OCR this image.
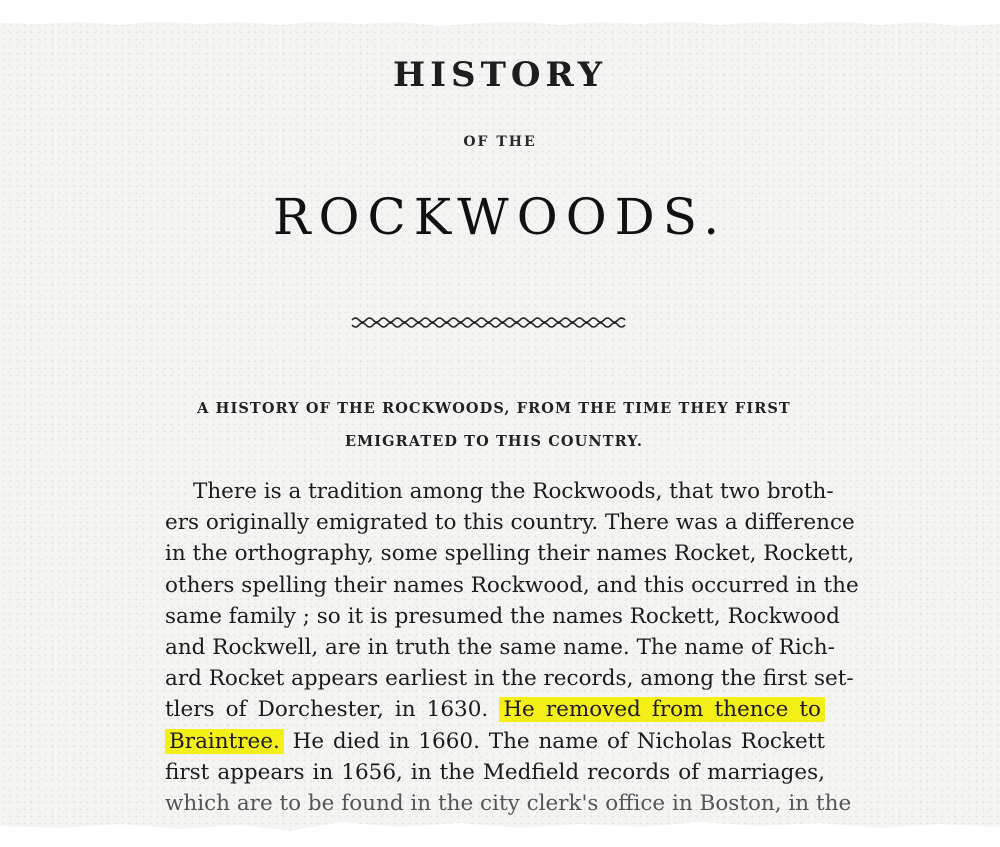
HISTORY
OF THE
ROCKWOODS.
A HISTORY OF THE ROCKWOODS, FROM THE TIME THEY FIRST
EMIGRATED TO THIS COUNTRY.
There is a tradition among the Rockwoods, that two broth-
ers originally emigrated to this country. There was a difference
in the orthography, some spelling their names Rocket, Rockett,
others spelling their names Rockwood, and this occurred in the
same family ; so it is presumed the names Rockett, Rockwood
and Rockwell, are in truth the same name. The name of Rich-
ard Rocket appears earliest in the records, among the first set-
tlers of Dorchester, in 1630. He removed from thence to
Braintree. He died in 1660. The name of Nicholas Rockett
first appears in 1656, in the Medfield records of marriages,
which are to be found in the city clerk's office in Boston, in the
